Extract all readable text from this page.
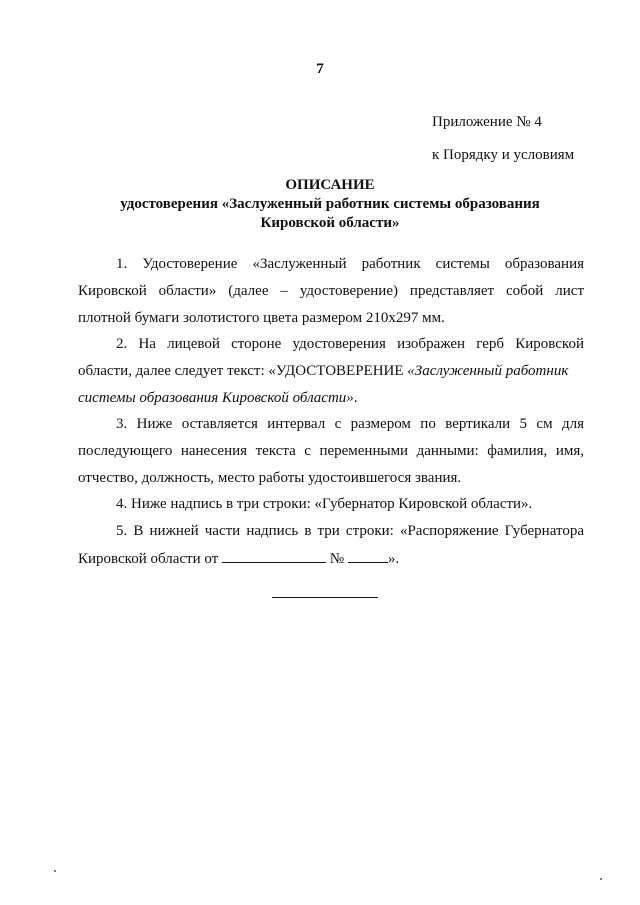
7
Приложение № 4
к Порядку и условиям
ОПИСАНИЕ
удостоверения «Заслуженный работник системы образования
Кировской области»
1. Удостоверение «Заслуженный работник системы образования
Кировской области» (далее – удостоверение) представляет собой лист
плотной бумаги золотистого цвета размером 210х297 мм.
2. На лицевой стороне удостоверения изображен герб Кировской
области, далее следует текст: «УДОСТОВЕРЕНИЕ «Заслуженный работник
системы образования Кировской области».
3. Ниже оставляется интервал с размером по вертикали 5 см для
последующего нанесения текста с переменными данными: фамилия, имя,
отчество, должность, место работы удостоившегося звания.
4. Ниже надпись в три строки: «Губернатор Кировской области».
5. В нижней части надпись в три строки: «Распоряжение Губернатора
Кировской области от	№	».
